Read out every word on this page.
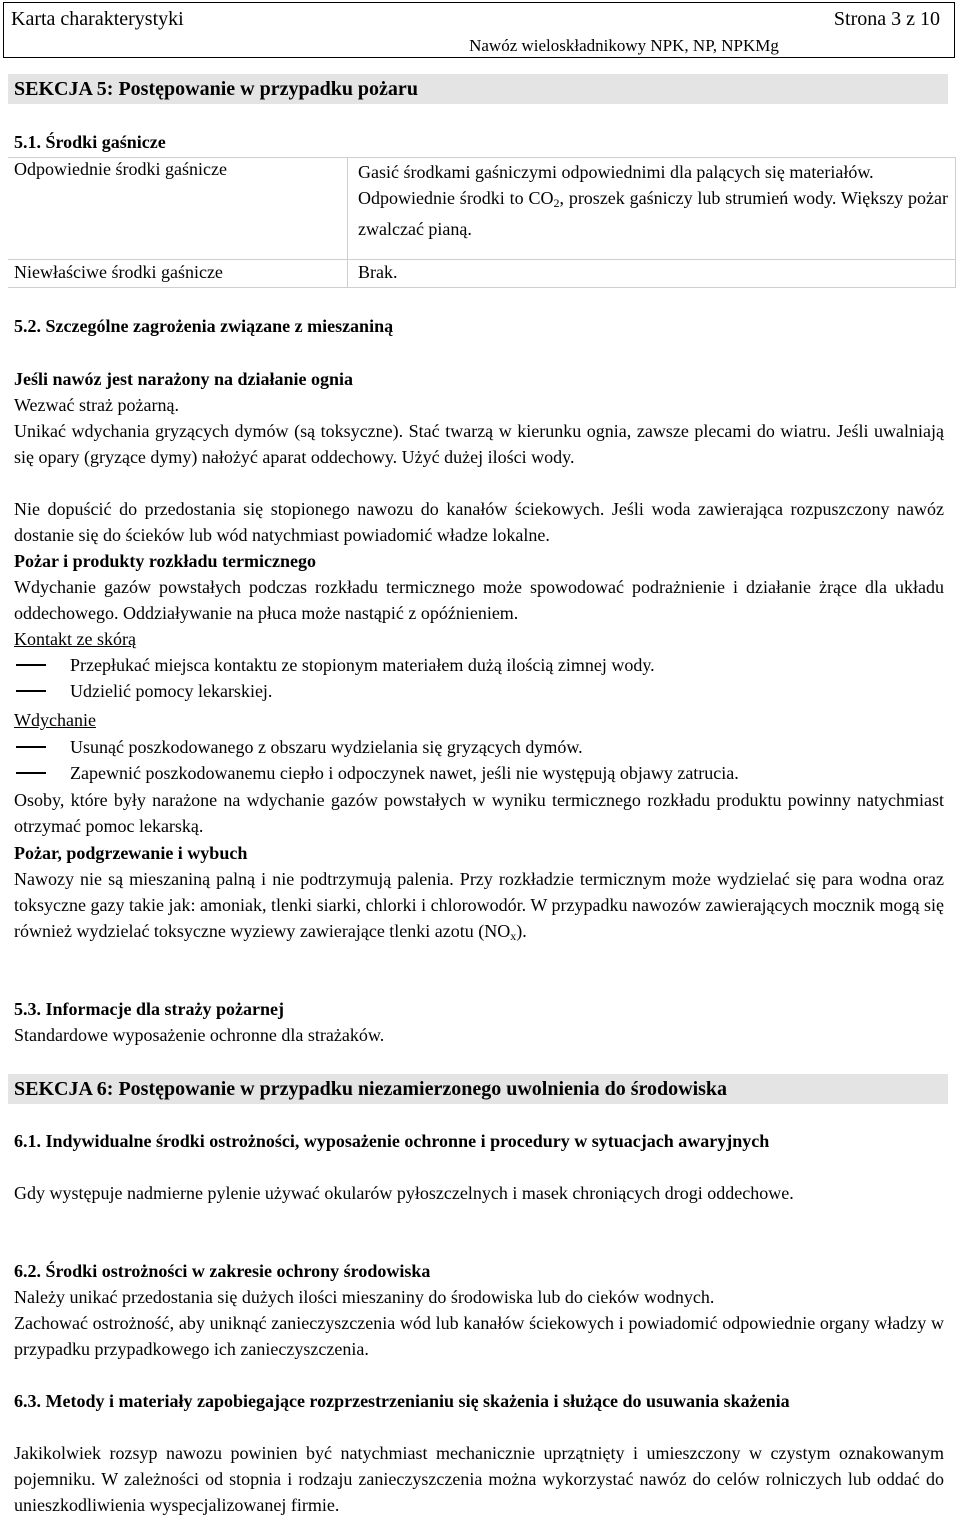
Karta charakterystyki	Strona 3 z 10
Nawóz wieloskładnikowy NPK, NP, NPKMg
SEKCJA 5: Postępowanie w przypadku pożaru
5.1. Środki gaśnicze
Odpowiednie środki gaśnicze	Gasić środkami gaśniczymi odpowiednimi dla palących się materiałów.
Odpowiednie środki to $CO_2$, proszek gaśniczy lub strumień wody. Większy pożar zwalczać pianą.
Niewłaściwe środki gaśnicze	Brak.
5.2. Szczególne zagrożenia związane z mieszaniną
Jeśli nawóz jest narażony na działanie ognia
Wezwać straż pożarną.
Unikać wdychania gryzących dymów (są toksyczne). Stać twarzą w kierunku ognia, zawsze plecami do wiatru. Jeśli uwalniają się opary (gryzące dymy) nałożyć aparat oddechowy. Użyć dużej ilości wody.
Nie dopuścić do przedostania się stopionego nawozu do kanałów ściekowych. Jeśli woda zawierająca rozpuszczony nawóz dostanie się do ścieków lub wód natychmiast powiadomić władze lokalne.
Pożar i produkty rozkładu termicznego
Wdychanie gazów powstałych podczas rozkładu termicznego może spowodować podrażnienie i działanie żrące dla układu oddechowego. Oddziaływanie na płuca może nastąpić z opóźnieniem.
Kontakt ze skórą
Przepłukać miejsca kontaktu ze stopionym materiałem dużą ilością zimnej wody.
Udzielić pomocy lekarskiej.
Wdychanie
Usunąć poszkodowanego z obszaru wydzielania się gryzących dymów.
Zapewnić poszkodowanemu ciepło i odpoczynek nawet, jeśli nie występują objawy zatrucia.
Osoby, które były narażone na wdychanie gazów powstałych w wyniku termicznego rozkładu produktu powinny natychmiast otrzymać pomoc lekarską.
Pożar, podgrzewanie i wybuch
Nawozy nie są mieszaniną palną i nie podtrzymują palenia. Przy rozkładzie termicznym może wydzielać się para wodna oraz toksyczne gazy takie jak: amoniak, tlenki siarki, chlorki i chlorowodór. W przypadku nawozów zawierających mocznik mogą się również wydzielać toksyczne wyziewy zawierające tlenki azotu $(NO_x)$.
5.3. Informacje dla straży pożarnej
Standardowe wyposażenie ochronne dla strażaków.
SEKCJA 6: Postępowanie w przypadku niezamierzonego uwolnienia do środowiska
6.1. Indywidualne środki ostrożności, wyposażenie ochronne i procedury w sytuacjach awaryjnych
Gdy występuje nadmierne pylenie używać okularów pyłoszczelnych i masek chroniących drogi oddechowe.
6.2. Środki ostrożności w zakresie ochrony środowiska
Należy unikać przedostania się dużych ilości mieszaniny do środowiska lub do cieków wodnych.
Zachować ostrożność, aby uniknąć zanieczyszczenia wód lub kanałów ściekowych i powiadomić odpowiednie organy władzy w przypadku przypadkowego ich zanieczyszczenia.
6.3. Metody i materiały zapobiegające rozprzestrzenianiu się skażenia i służące do usuwania skażenia
Jakikolwiek rozsyp nawozu powinien być natychmiast mechanicznie uprzątnięty i umieszczony w czystym oznakowanym pojemniku. W zależności od stopnia i rodzaju zanieczyszczenia można wykorzystać nawóz do celów rolniczych lub oddać do unieszkodliwienia wyspecjalizowanej firmie.
